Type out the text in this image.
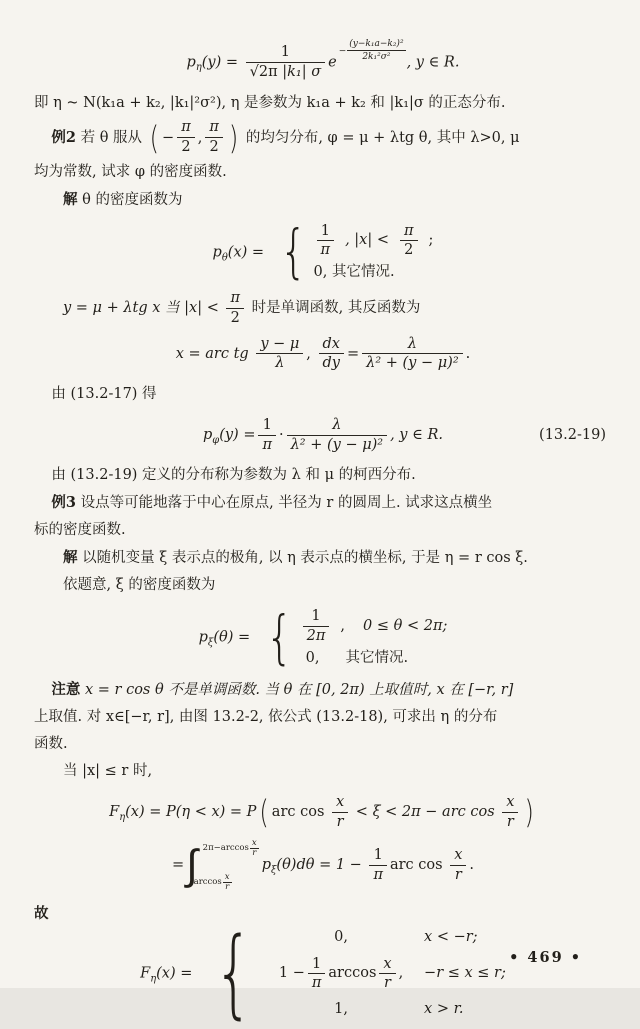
$p_\eta(y) = \frac{1}{\text{√2π |k₁| σ}} e- \frac{\text{(y−k₁a−k₂)²}}{\text{2k₁²σ²}}$ , y ∈ R.
即 η ~ N(k₁a + k₂, |k₁|²σ²), η 是参数为 k₁a + k₂ 和 |k₁|σ 的正态分布.
例2 若 θ 服从 ( − $\frac{\pi}{2}$ , $\frac{\pi}{2}$ ) 的均匀分布, φ = μ + λtg θ, 其中 λ>0, μ
均为常数, 试求 φ 的密度函数.
解 θ 的密度函数为
$p_\theta(x)$ = { $\frac{1}{\pi}$ , $|x| < \frac{\pi}{2}$ ;
0, 其它情况.
y = μ + λtg x 当 $|x| < \frac{\pi}{2}$ 时是单调函数, 其反函数为
x = arc tg $\frac{y - \mu}{\lambda}$ , $\frac{dx}{dy} = \frac{\lambda}{\text{λ² + (y − μ)²}}$ .
由 (13.2-17) 得
$p_\varphi(y) = \frac{1}{\pi} \cdot \frac{\lambda}{\text{λ² + (y − μ)²}}$ , y ∈ R.	(13.2-19)
由 (13.2-19) 定义的分布称为参数为 λ 和 μ 的柯西分布.
例3 设点等可能地落于中心在原点, 半径为 r 的圆周上. 试求这点横坐
标的密度函数.
解 以随机变量 ξ 表示点的极角, 以 η 表示点的横坐标, 于是 η = r cos ξ.
依题意, ξ 的密度函数为
$p_\xi(\theta)$ = { $\frac{1}{2\pi}$ , 0 ≤ θ < 2π;
0, 其它情况.
注意 x = r cos θ 不是单调函数. 当 θ 在 [0, 2π) 上取值时, x 在 [−r, r]
上取值. 对 x∈[−r, r], 由图 13.2-2, 依公式 (13.2-18), 可求出 η 的分布
函数.
当 |x| ≤ r 时,
$F_\eta(x) = P(\eta < x) = P$ ( arc $\cos \frac{x}{r} < \xi < 2\pi$ − arc $\cos \frac{x}{r}$ )
= ∫ $2\pi-\arccos \frac{x}{r}$
$\arccos \frac{x}{r}$
$p_\xi(\theta)d\theta = 1 - \frac{1}{\pi}$ arc $\cos \frac{x}{r}$ .
故
$F_\eta(x)$ = {	0,	x < −r;
$1 - \frac{1}{\pi}$ $\arccos \frac{x}{r}$ , −r ≤ x ≤ r;
1,	x > r.
• 469 •
